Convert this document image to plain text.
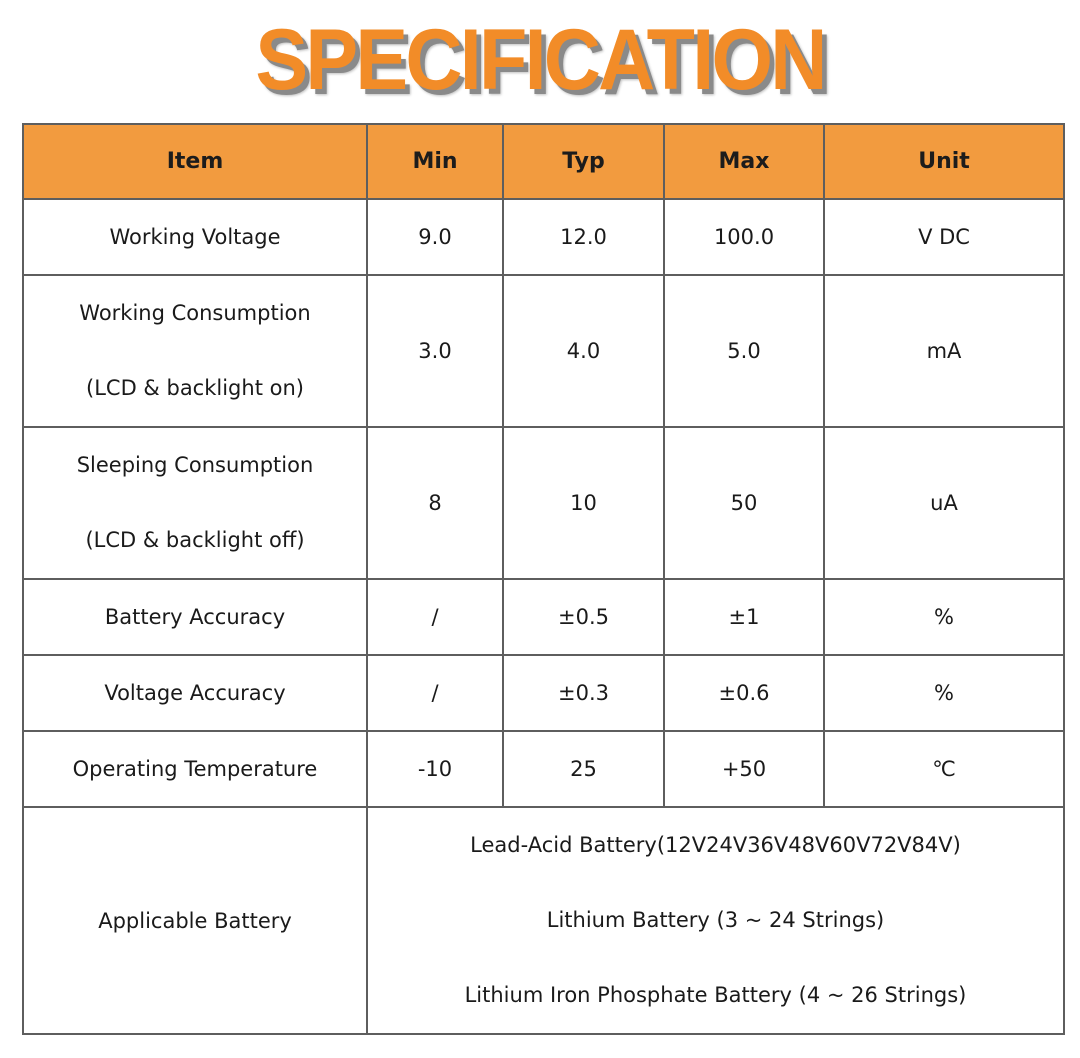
SPECIFICATION
Item	Min	Typ	Max	Unit
Working Voltage	9.0	12.0	100.0	V DC

Working Consumption
(LCD & backlight on)	3.0	4.0	5.0	mA

Sleeping Consumption
(LCD & backlight off)	8	10	50	uA
Battery Accuracy	/	±0.5	±1	%
Voltage Accuracy	/	±0.3	±0.6	%
Operating Temperature	-10	25	+50	℃
Applicable Battery	Lead-Acid Battery(12V24V36V48V60V72V84V)
Lithium Battery (3 ~ 24 Strings)
Lithium Iron Phosphate Battery (4 ~ 26 Strings)			
